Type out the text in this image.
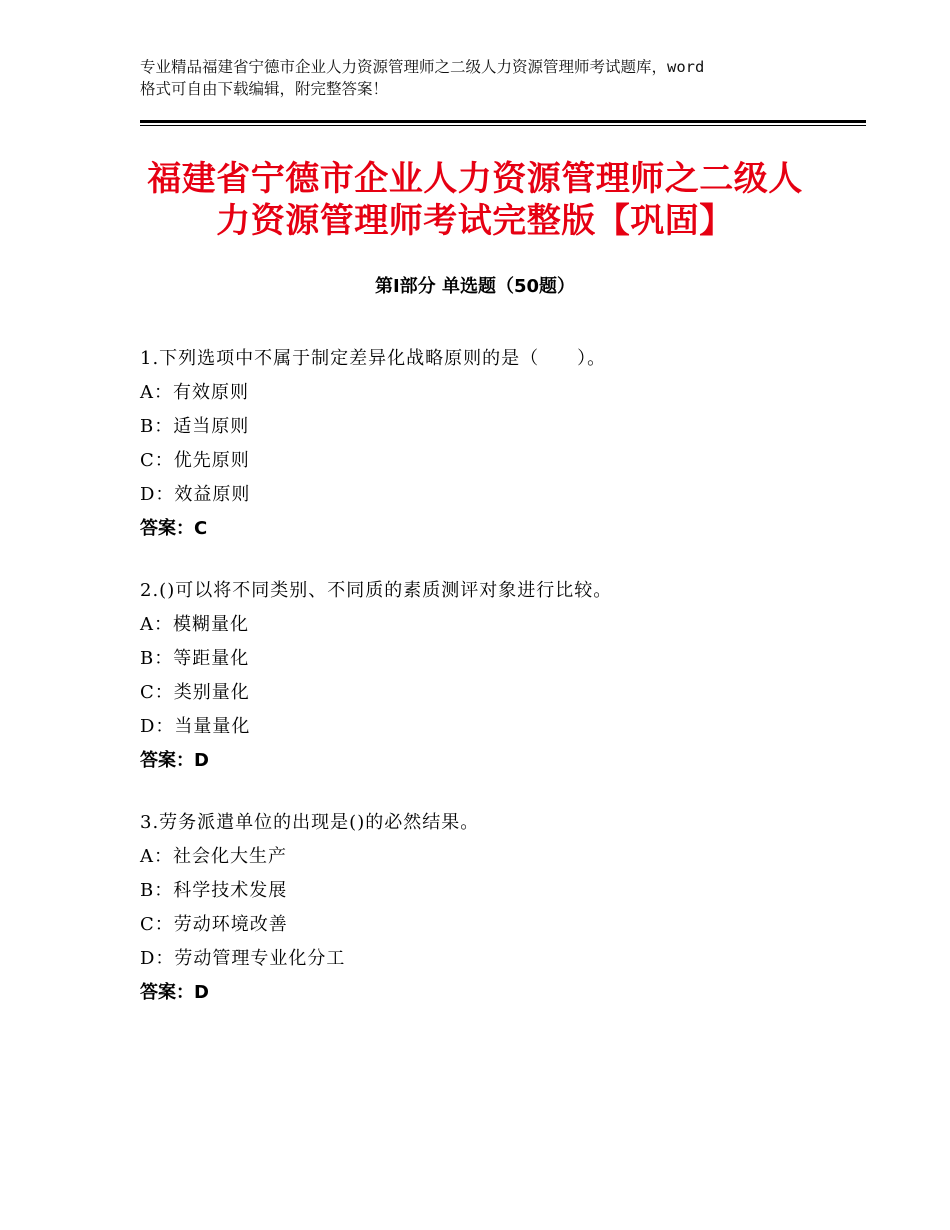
专业精品福建省宁德市企业人力资源管理师之二级人力资源管理师考试题库，word
格式可自由下载编辑，附完整答案！
福建省宁德市企业人力资源管理师之二级人
力资源管理师考试完整版【巩固】
第Ⅰ部分 单选题（50题）
1.下列选项中不属于制定差异化战略原则的是（　　）。
A：有效原则
B：适当原则
C：优先原则
D：效益原则
答案：C
2.()可以将不同类别、不同质的素质测评对象进行比较。
A：模糊量化
B：等距量化
C：类别量化
D：当量量化
答案：D
3.劳务派遣单位的出现是()的必然结果。
A：社会化大生产
B：科学技术发展
C：劳动环境改善
D：劳动管理专业化分工
答案：D
